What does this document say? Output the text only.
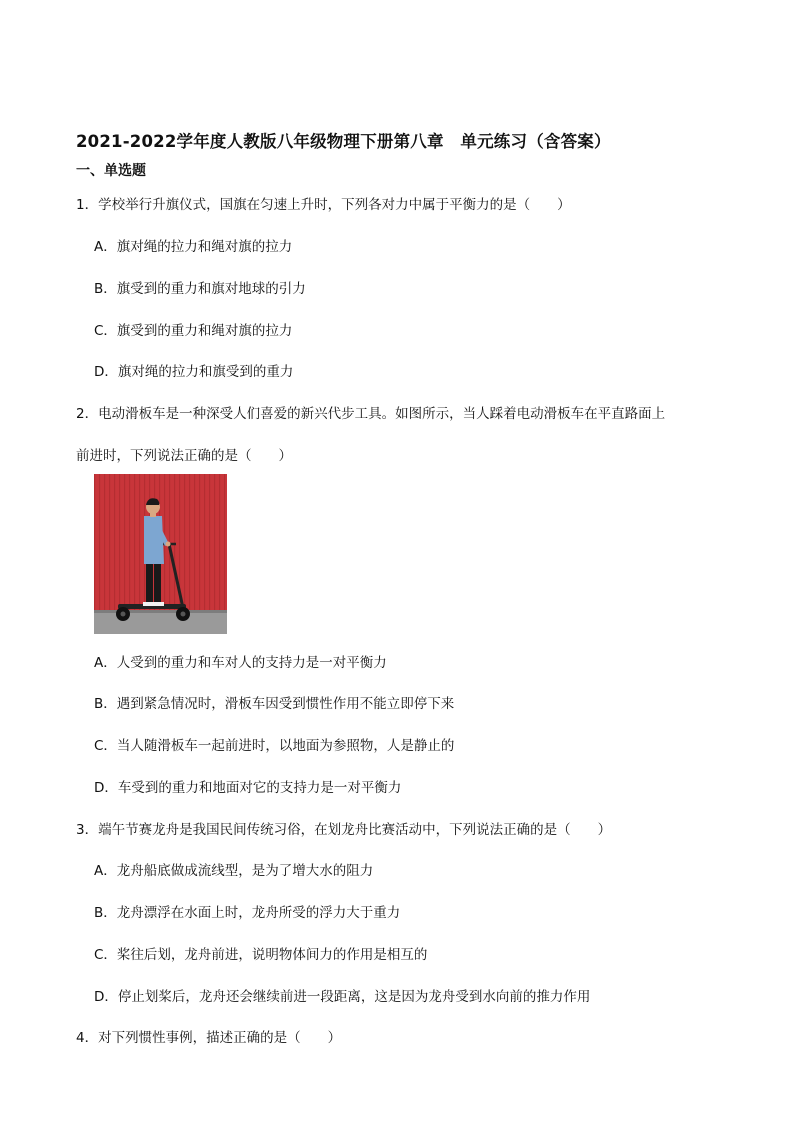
2021-2022学年度人教版八年级物理下册第八章　单元练习（含答案）
一、单选题
1．学校举行升旗仪式，国旗在匀速上升时，下列各对力中属于平衡力的是（　　）
A．旗对绳的拉力和绳对旗的拉力
B．旗受到的重力和旗对地球的引力
C．旗受到的重力和绳对旗的拉力
D．旗对绳的拉力和旗受到的重力
2．电动滑板车是一种深受人们喜爱的新兴代步工具。如图所示，当人踩着电动滑板车在平直路面上
前进时，下列说法正确的是（　　）
A．人受到的重力和车对人的支持力是一对平衡力
B．遇到紧急情况时，滑板车因受到惯性作用不能立即停下来
C．当人随滑板车一起前进时，以地面为参照物，人是静止的
D．车受到的重力和地面对它的支持力是一对平衡力
3．端午节赛龙舟是我国民间传统习俗，在划龙舟比赛活动中，下列说法正确的是（　　）
A．龙舟船底做成流线型，是为了增大水的阻力
B．龙舟漂浮在水面上时，龙舟所受的浮力大于重力
C．桨往后划，龙舟前进，说明物体间力的作用是相互的
D．停止划桨后，龙舟还会继续前进一段距离，这是因为龙舟受到水向前的推力作用
4．对下列惯性事例，描述正确的是（　　）
